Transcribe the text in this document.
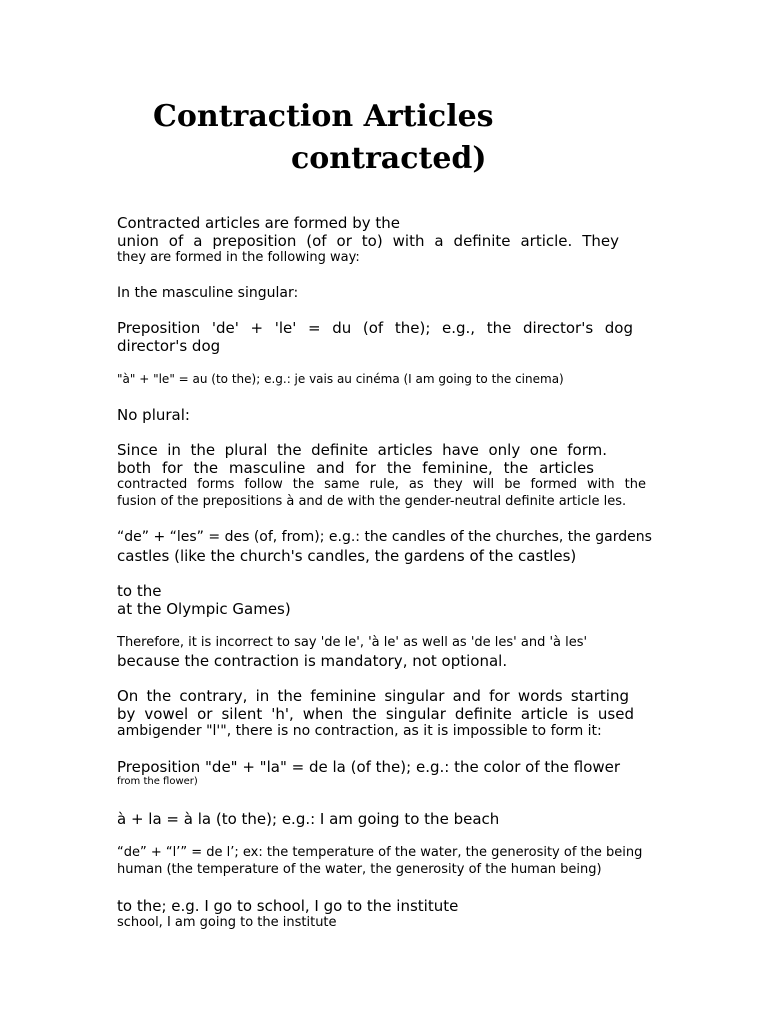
Contraction Articles
contracted)

Contracted articles are formed by the

union of a preposition (of or to) with a definite article. They

they are formed in the following way:

In the masculine singular:

Preposition 'de' + 'le' = du (of the); e.g., the director's dog

director's dog

"à" + "le" = au (to the); e.g.: je vais au cinéma (I am going to the cinema)

No plural:

Since in the plural the definite articles have only one form.

both for the masculine and for the feminine, the articles

contracted forms follow the same rule, as they will be formed with the

fusion of the prepositions à and de with the gender-neutral definite article les.

“de” + “les” = des (of, from); e.g.: the candles of the churches, the gardens

castles (like the church's candles, the gardens of the castles)

to the

at the Olympic Games)

Therefore, it is incorrect to say 'de le', 'à le' as well as 'de les' and 'à les'

because the contraction is mandatory, not optional.

On the contrary, in the feminine singular and for words starting

by vowel or silent 'h', when the singular definite article is used

ambigender "l'", there is no contraction, as it is impossible to form it:

Preposition "de" + "la" = de la (of the); e.g.: the color of the flower

from the flower)

à + la = à la (to the); e.g.: I am going to the beach

“de” + “l’” = de l’; ex: the temperature of the water, the generosity of the being

human (the temperature of the water, the generosity of the human being)

to the; e.g. I go to school, I go to the institute

school, I am going to the institute
